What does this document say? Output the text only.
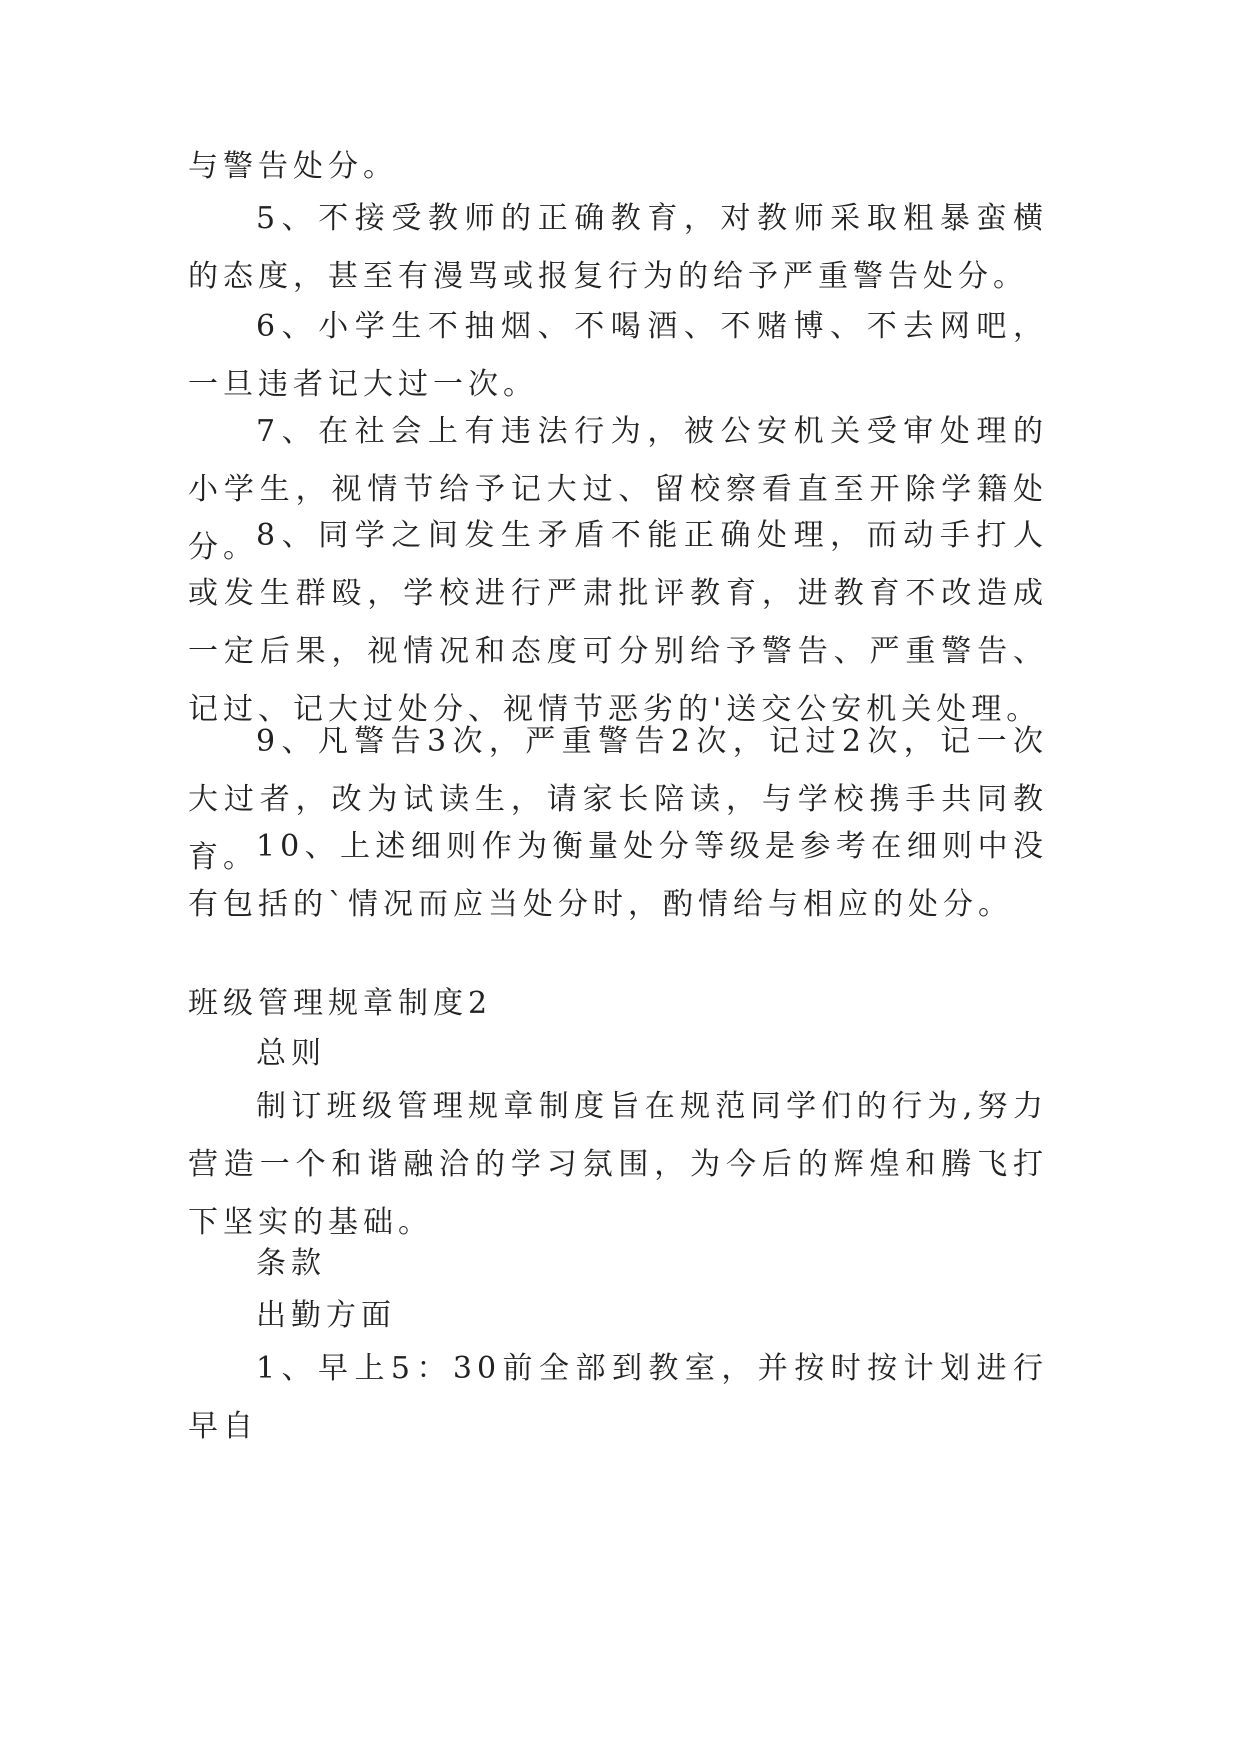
与警告处分。

5、不接受教师的正确教育，对教师采取粗暴蛮横的态度，甚至有漫骂或报复行为的给予严重警告处分。

6、小学生不抽烟、不喝酒、不赌博、不去网吧，一旦违者记大过一次。

7、在社会上有违法行为，被公安机关受审处理的小学生，视情节给予记大过、留校察看直至开除学籍处分。

8、同学之间发生矛盾不能正确处理，而动手打人或发生群殴，学校进行严肃批评教育，进教育不改造成一定后果，视情况和态度可分别给予警告、严重警告、记过、记大过处分、视情节恶劣的'送交公安机关处理。

9、凡警告3次，严重警告2次，记过2次，记一次大过者，改为试读生，请家长陪读，与学校携手共同教育。

10、上述细则作为衡量处分等级是参考在细则中没有包括的`情况而应当处分时，酌情给与相应的处分。

班级管理规章制度2

总则

制订班级管理规章制度旨在规范同学们的行为,努力营造一个和谐融洽的学习氛围，为今后的辉煌和腾飞打下坚实的基础。

条款

出勤方面

1、早上5：30前全部到教室，并按时按计划进行早自
